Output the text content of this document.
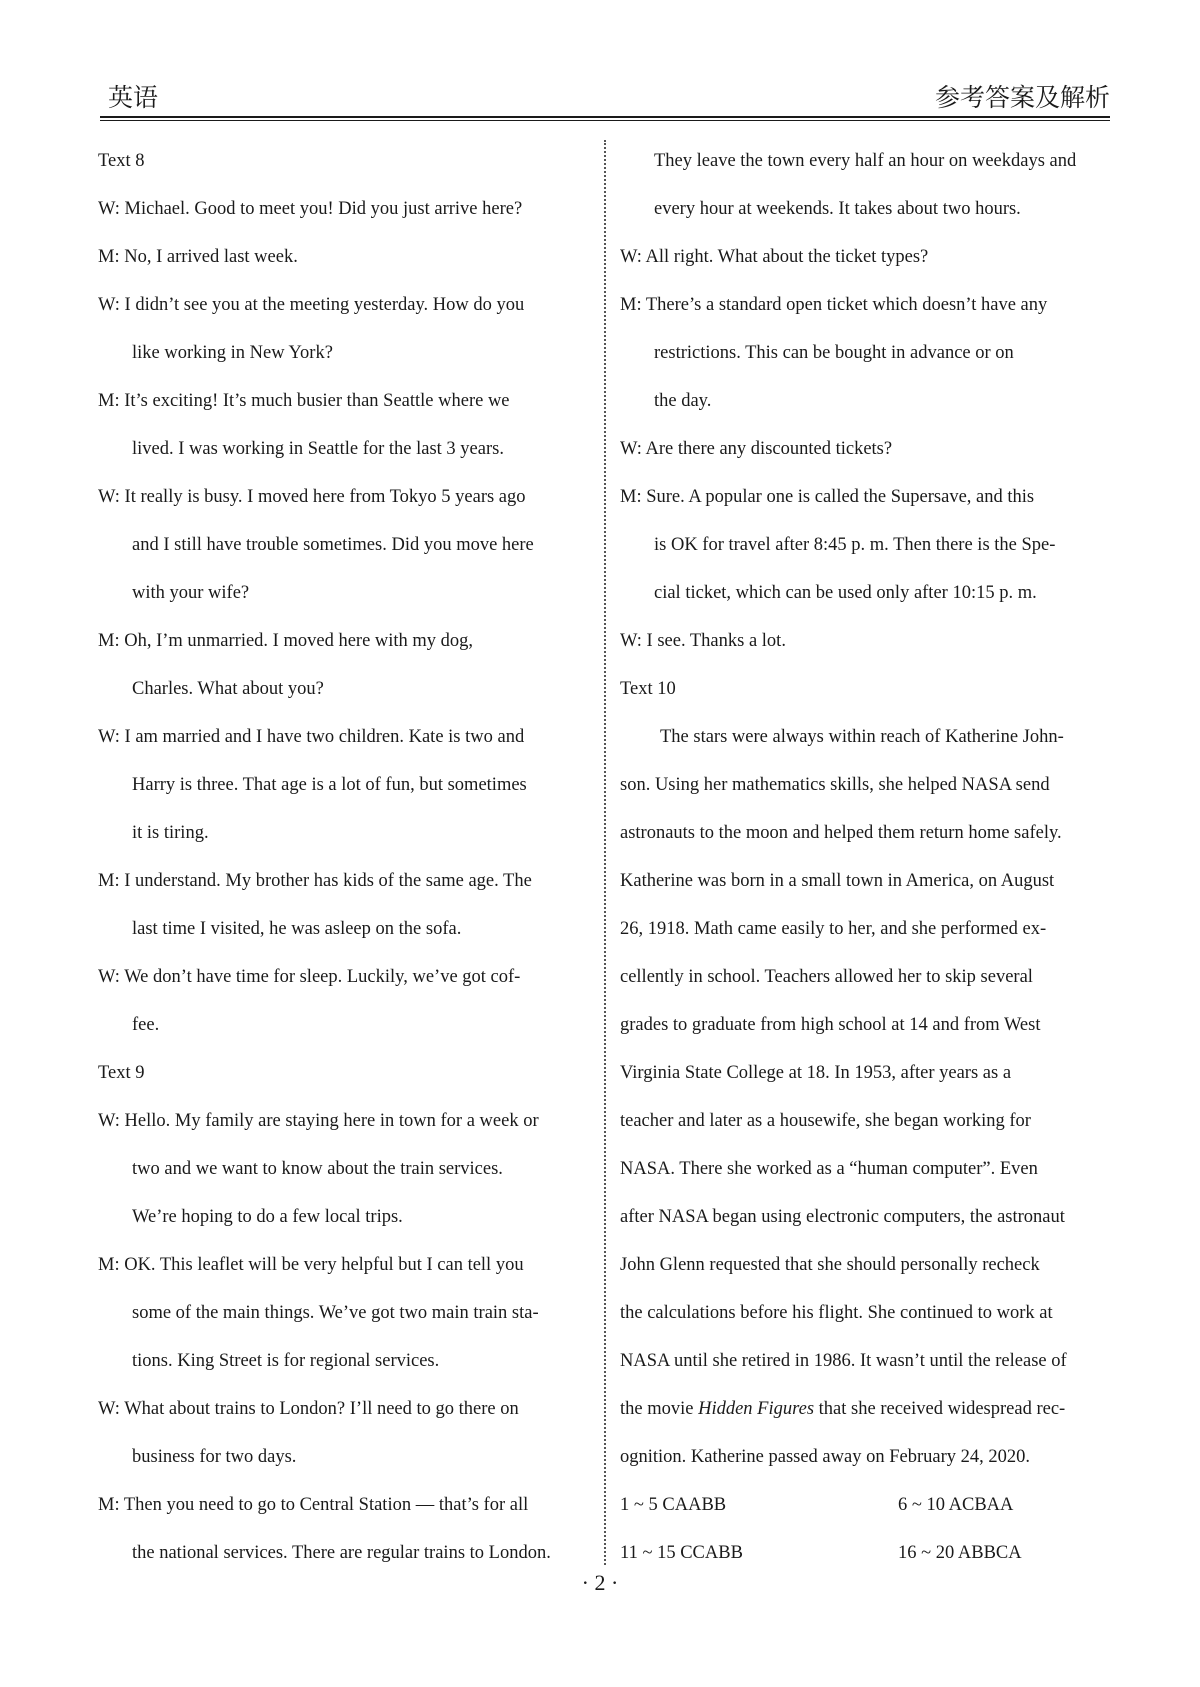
英语	参考答案及解析
Text 8
W: Michael. Good to meet you! Did you just arrive here?
M: No, I arrived last week.
W: I didn’t see you at the meeting yesterday. How do you
like working in New York?
M: It’s exciting! It’s much busier than Seattle where we
lived. I was working in Seattle for the last 3 years.
W: It really is busy. I moved here from Tokyo 5 years ago
and I still have trouble sometimes. Did you move here
with your wife?
M: Oh, I’m unmarried. I moved here with my dog,
Charles. What about you?
W: I am married and I have two children. Kate is two and
Harry is three. That age is a lot of fun, but sometimes
it is tiring.
M: I understand. My brother has kids of the same age. The
last time I visited, he was asleep on the sofa.
W: We don’t have time for sleep. Luckily, we’ve got cof-
fee.
Text 9
W: Hello. My family are staying here in town for a week or
two and we want to know about the train services.
We’re hoping to do a few local trips.
M: OK. This leaflet will be very helpful but I can tell you
some of the main things. We’ve got two main train sta-
tions. King Street is for regional services.
W: What about trains to London? I’ll need to go there on
business for two days.
M: Then you need to go to Central Station — that’s for all
the national services. There are regular trains to London.
They leave the town every half an hour on weekdays and
every hour at weekends. It takes about two hours.
W: All right. What about the ticket types?
M: There’s a standard open ticket which doesn’t have any
restrictions. This can be bought in advance or on
the day.
W: Are there any discounted tickets?
M: Sure. A popular one is called the Supersave, and this
is OK for travel after 8:45 p. m. Then there is the Spe-
cial ticket, which can be used only after 10:15 p. m.
W: I see. Thanks a lot.
Text 10
The stars were always within reach of Katherine John-
son. Using her mathematics skills, she helped NASA send
astronauts to the moon and helped them return home safely.
Katherine was born in a small town in America, on August
26, 1918. Math came easily to her, and she performed ex-
cellently in school. Teachers allowed her to skip several
grades to graduate from high school at 14 and from West
Virginia State College at 18. In 1953, after years as a
teacher and later as a housewife, she began working for
NASA. There she worked as a “human computer”. Even
after NASA began using electronic computers, the astronaut
John Glenn requested that she should personally recheck
the calculations before his flight. She continued to work at
NASA until she retired in 1986. It wasn’t until the release of
the movie Hidden Figures that she received widespread rec-
ognition. Katherine passed away on February 24, 2020.
1 ~ 5 CAABB	6 ~ 10 ACBAA
11 ~ 15 CCABB	16 ~ 20 ABBCA
· 2 ·
